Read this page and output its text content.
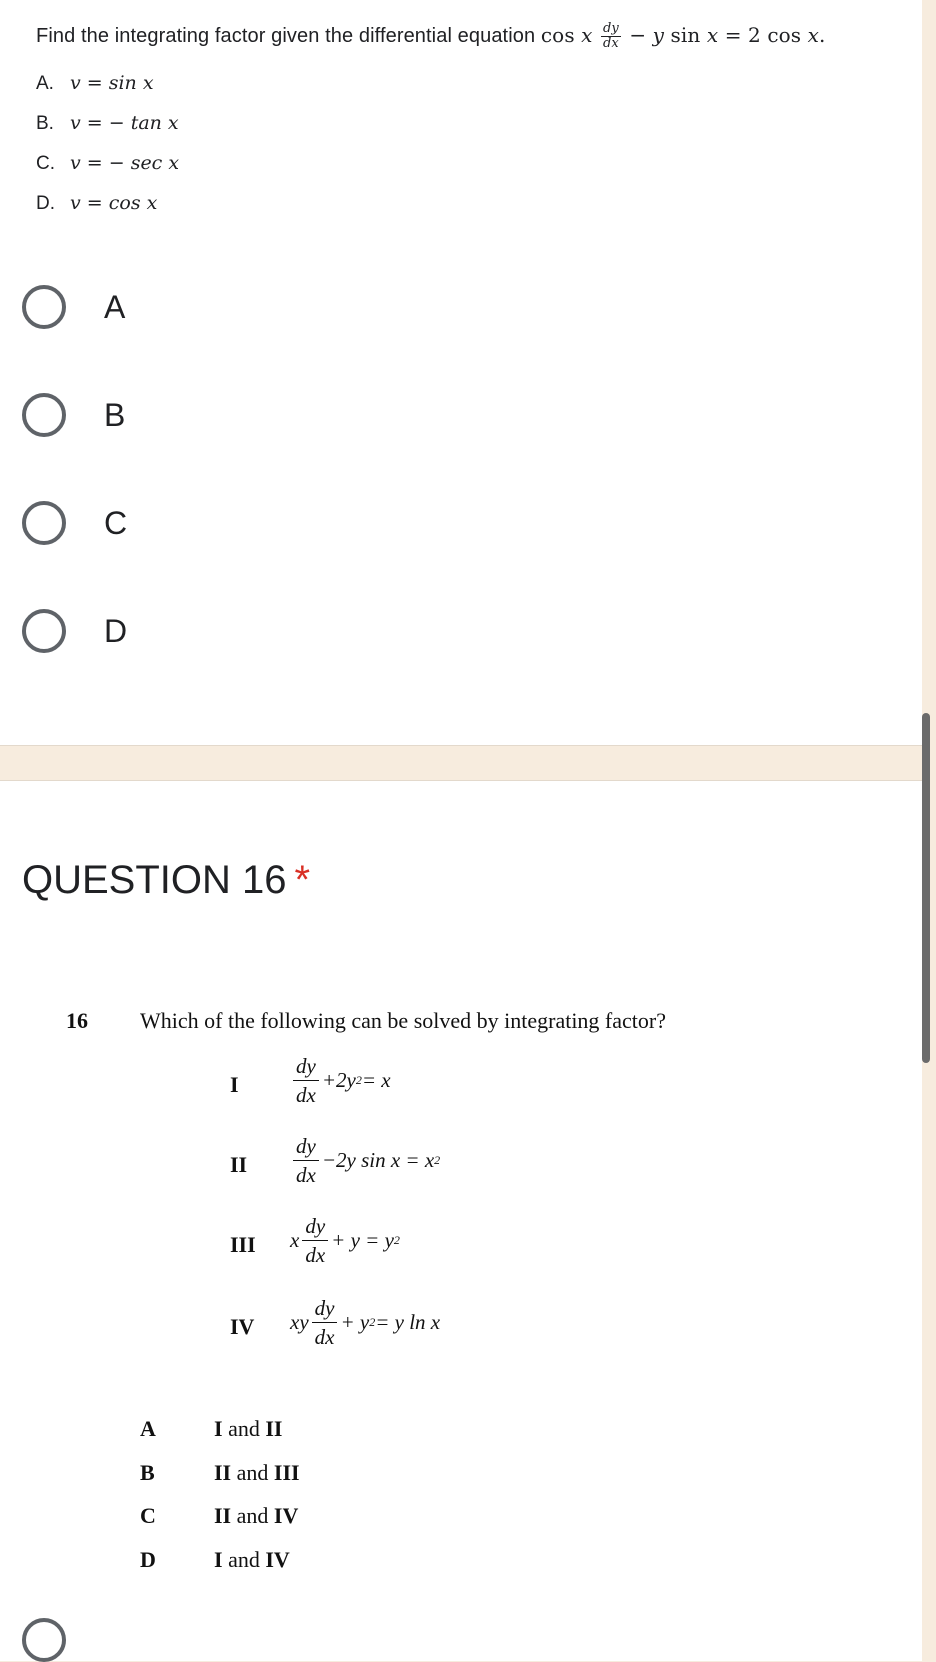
Find the integrating factor given the differential equation cos x $\frac{dy}{dx} - y$ sin x = 2 cos x.
A. v = sin x
B. v = − tan x
C. v = − sec x
D. v = cos x
A
B
C
D
QUESTION 16 *
16 Which of the following can be solved by integrating factor?
I	$\frac{dy}{dx} +2y$ 2 = x
II $\frac{dy}{dx} -2y$ sin x = x 2
III x $\frac{dy}{dx} + y = y$ 2
IV xy $\frac{dy}{dx} + y$ 2 = y ln x
A	I and II
B	II and III
C	II and IV
D	I and IV
